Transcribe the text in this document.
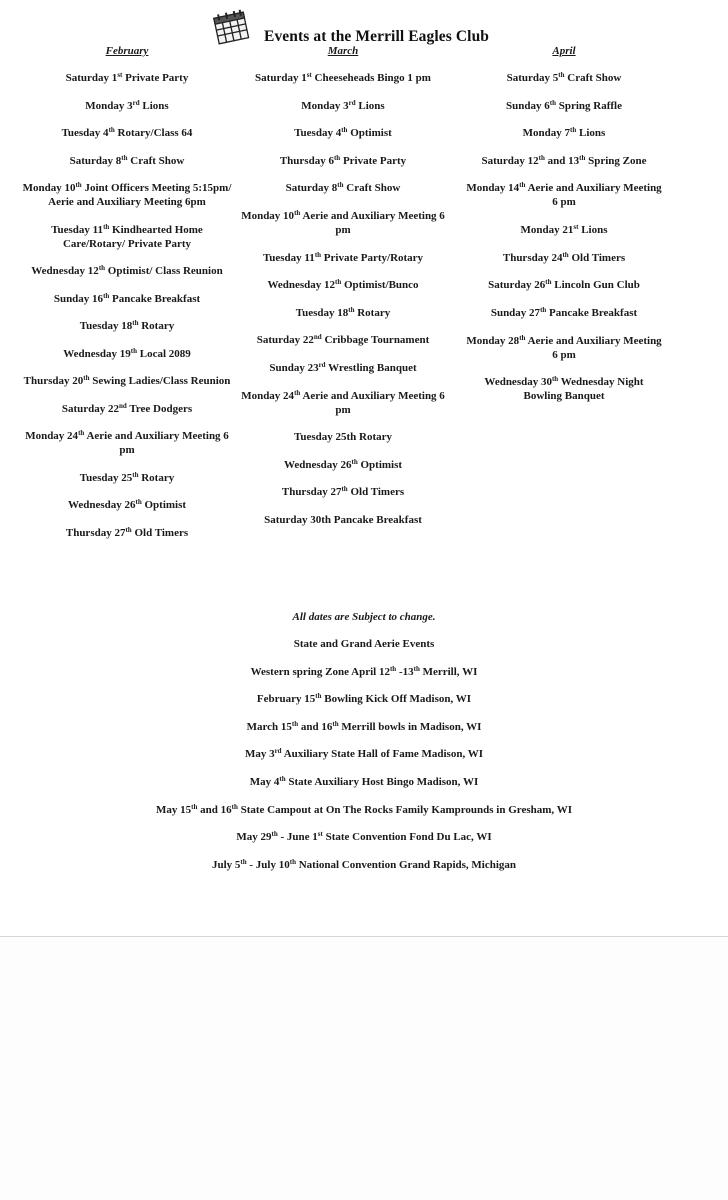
Events at the Merrill Eagles Club
February
Saturday 1st Private Party
Monday 3rd Lions
Tuesday 4th Rotary/Class 64
Saturday 8th Craft Show
Monday 10th Joint Officers Meeting 5:15pm/ Aerie and Auxiliary Meeting 6pm
Tuesday 11th Kindhearted Home Care/Rotary/ Private Party
Wednesday 12th Optimist/ Class Reunion
Sunday 16th Pancake Breakfast
Tuesday 18th Rotary
Wednesday 19th Local 2089
Thursday 20th Sewing Ladies/Class Reunion
Saturday 22nd Tree Dodgers
Monday 24th Aerie and Auxiliary Meeting 6 pm
Tuesday 25th Rotary
Wednesday 26th Optimist
Thursday 27th Old Timers
March
Saturday 1st Cheeseheads Bingo 1 pm
Monday 3rd Lions
Tuesday 4th Optimist
Thursday 6th Private Party
Saturday 8th Craft Show
Monday 10th Aerie and Auxiliary Meeting 6 pm
Tuesday 11th Private Party/Rotary
Wednesday 12th Optimist/Bunco
Tuesday 18th Rotary
Saturday 22nd Cribbage Tournament
Sunday 23rd Wrestling Banquet
Monday 24th Aerie and Auxiliary Meeting 6 pm
Tuesday 25th Rotary
Wednesday 26th Optimist
Thursday 27th Old Timers
Saturday 30th Pancake Breakfast
April
Saturday 5th Craft Show
Sunday 6th Spring Raffle
Monday 7th Lions
Saturday 12th and 13th Spring Zone
Monday 14th Aerie and Auxiliary Meeting 6 pm
Monday 21st Lions
Thursday 24th Old Timers
Saturday 26th Lincoln Gun Club
Sunday 27th Pancake Breakfast
Monday 28th Aerie and Auxiliary Meeting 6 pm
Wednesday 30th Wednesday Night Bowling Banquet
All dates are Subject to change.
State and Grand Aerie Events
Western spring Zone April 12th -13th Merrill, WI
February 15th Bowling Kick Off Madison, WI
March 15th and 16th Merrill bowls in Madison, WI
May 3rd Auxiliary State Hall of Fame Madison, WI
May 4th State Auxiliary Host Bingo Madison, WI
May 15th and 16th State Campout at On The Rocks Family Kamprounds in Gresham, WI
May 29th - June 1st State Convention Fond Du Lac, WI
July 5th - July 10th National Convention Grand Rapids, Michigan
